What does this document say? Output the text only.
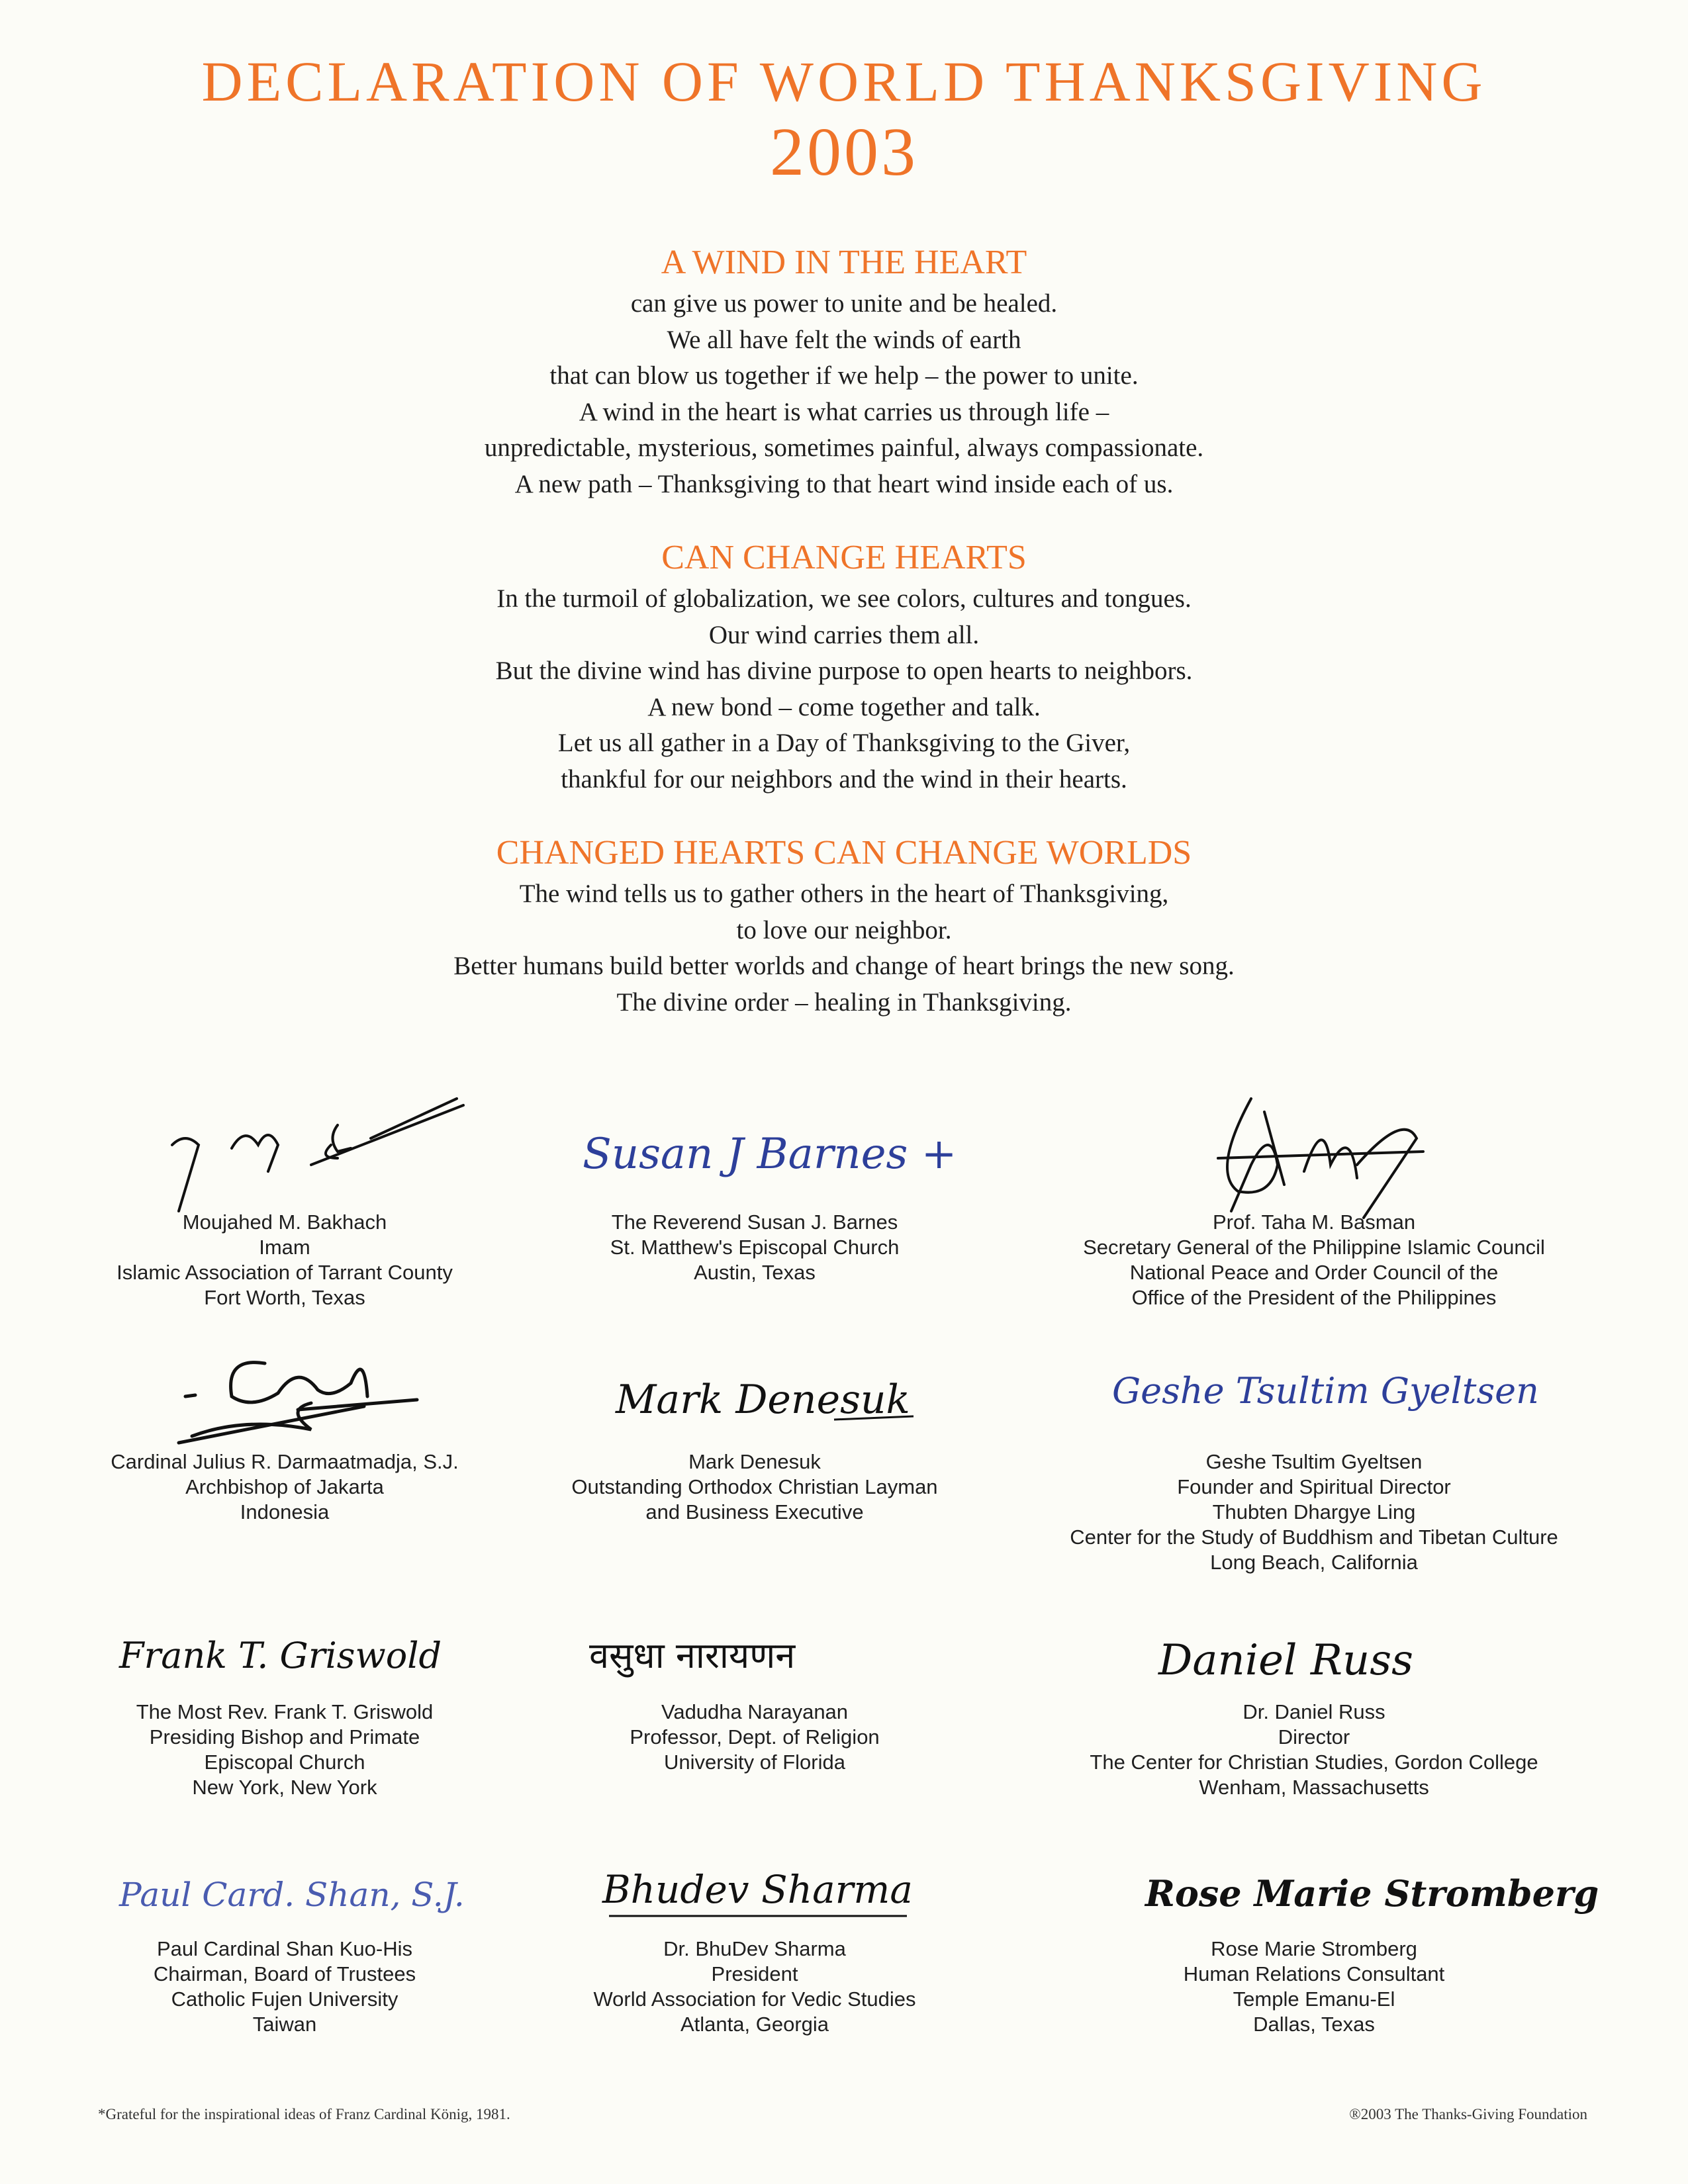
DECLARATION OF WORLD THANKSGIVING
2003
A WIND IN THE HEART
can give us power to unite and be healed.
We all have felt the winds of earth
that can blow us together if we help – the power to unite.
A wind in the heart is what carries us through life –
unpredictable, mysterious, sometimes painful, always compassionate.
A new path – Thanksgiving to that heart wind inside each of us.
CAN CHANGE HEARTS
In the turmoil of globalization, we see colors, cultures and tongues.
Our wind carries them all.
But the divine wind has divine purpose to open hearts to neighbors.
A new bond – come together and talk.
Let us all gather in a Day of Thanksgiving to the Giver,
thankful for our neighbors and the wind in their hearts.
CHANGED HEARTS CAN CHANGE WORLDS
The wind tells us to gather others in the heart of Thanksgiving,
to love our neighbor.
Better humans build better worlds and change of heart brings the new song.
The divine order – healing in Thanksgiving.
Moujahed M. Bakhach
Imam
Islamic Association of Tarrant County
Fort Worth, Texas
Susan J Barnes +
The Reverend Susan J. Barnes
St. Matthew's Episcopal Church
Austin, Texas
Prof. Taha M. Basman
Secretary General of the Philippine Islamic Council
National Peace and Order Council of the
Office of the President of the Philippines
Cardinal Julius R. Darmaatmadja, S.J.
Archbishop of Jakarta
Indonesia
Mark Denesuk
Mark Denesuk
Outstanding Orthodox Christian Layman
and Business Executive
Geshe Tsultim Gyeltsen
Geshe Tsultim Gyeltsen
Founder and Spiritual Director
Thubten Dhargye Ling
Center for the Study of Buddhism and Tibetan Culture
Long Beach, California
Frank T. Griswold
The Most Rev. Frank T. Griswold
Presiding Bishop and Primate
Episcopal Church
New York, New York
वसुधा नारायणन
Vadudha Narayanan
Professor, Dept. of Religion
University of Florida
Daniel Russ
Dr. Daniel Russ
Director
The Center for Christian Studies, Gordon College
Wenham, Massachusetts
Paul Card. Shan, S.J.
Paul Cardinal Shan Kuo-His
Chairman, Board of Trustees
Catholic Fujen University
Taiwan
Bhudev Sharma
Dr. BhuDev Sharma
President
World Association for Vedic Studies
Atlanta, Georgia
Rose Marie Stromberg
Rose Marie Stromberg
Human Relations Consultant
Temple Emanu-El
Dallas, Texas
*Grateful for the inspirational ideas of Franz Cardinal König, 1981.	®2003 The Thanks-Giving Foundation
